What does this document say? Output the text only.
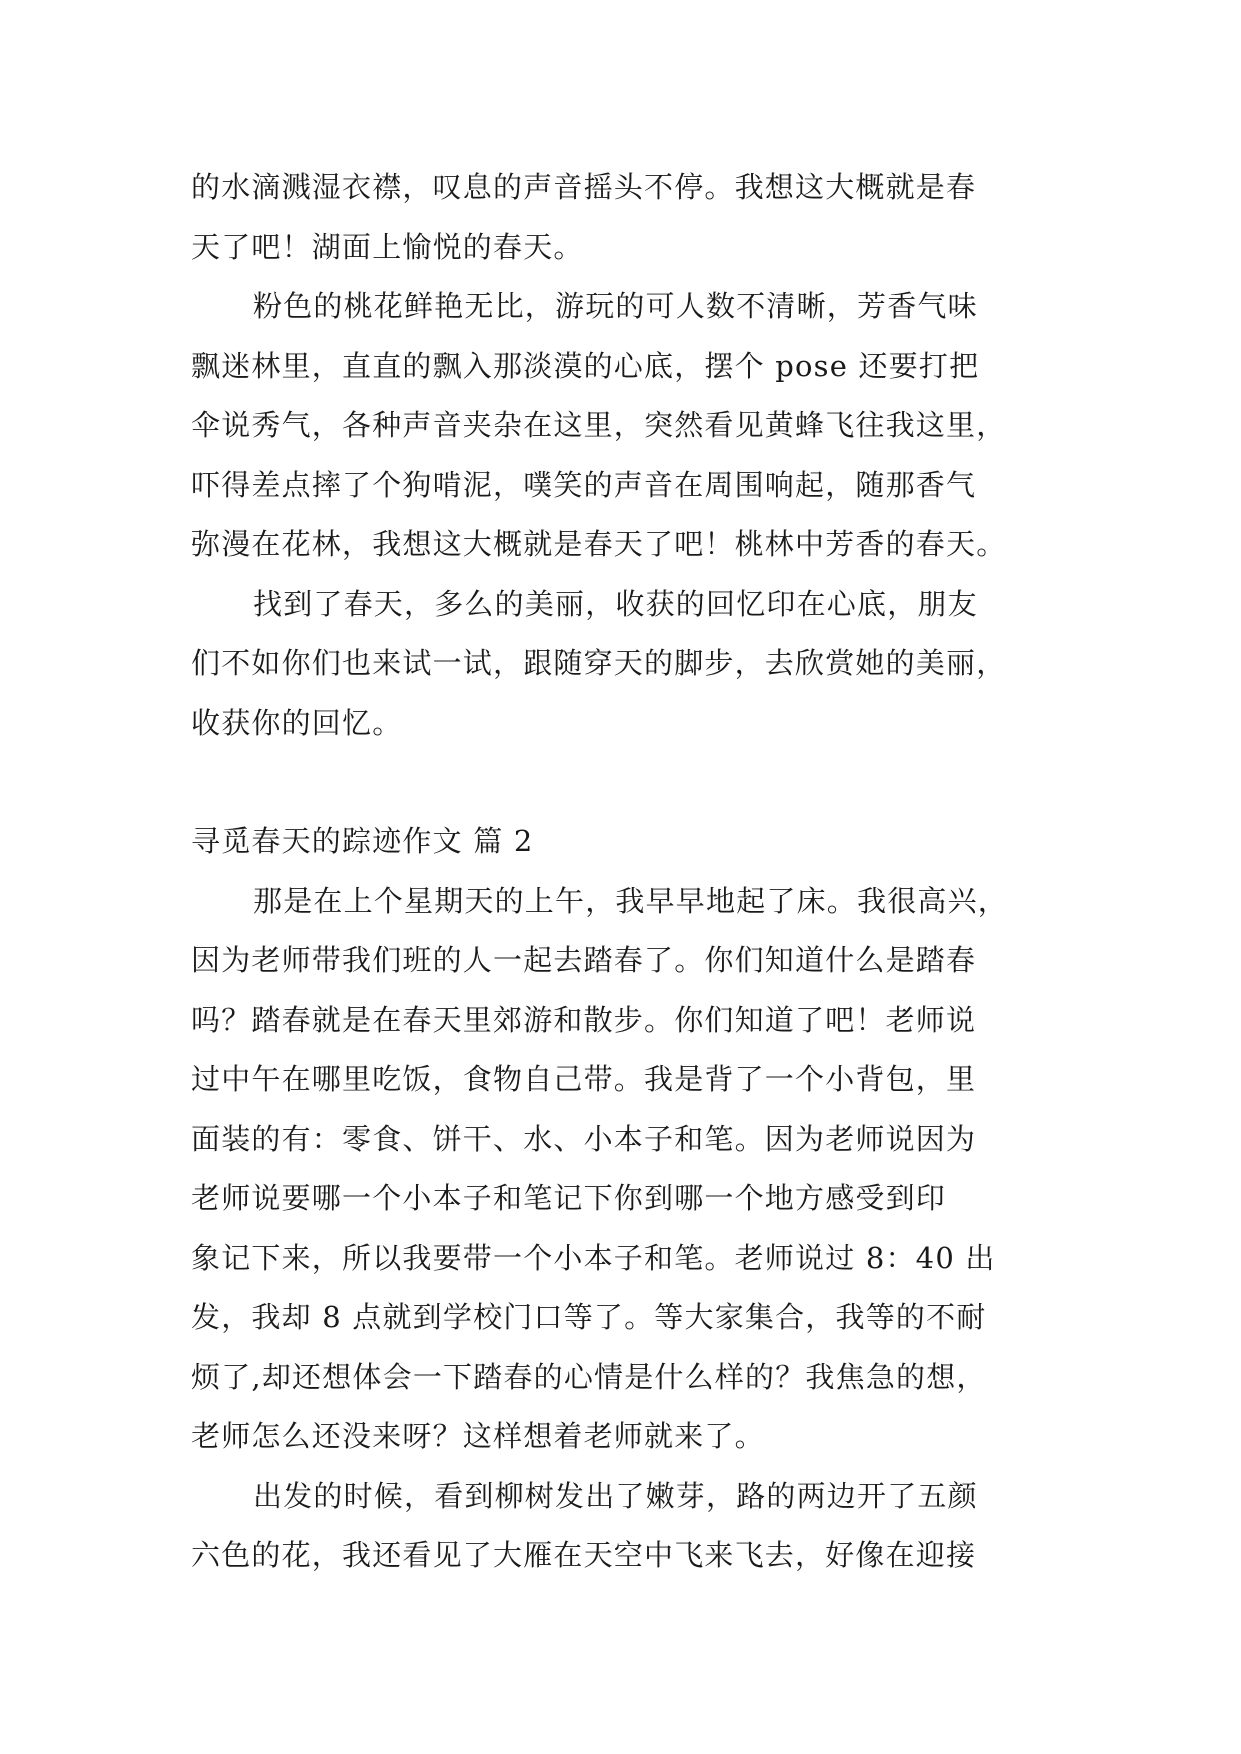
的水滴溅湿衣襟，叹息的声音摇头不停。我想这大概就是春
天了吧！湖面上愉悦的春天。

粉色的桃花鲜艳无比，游玩的可人数不清晰，芳香气味
飘迷林里，直直的飘入那淡漠的心底，摆个 pose 还要打把
伞说秀气，各种声音夹杂在这里，突然看见黄蜂飞往我这里，
吓得差点摔了个狗啃泥，噗笑的声音在周围响起，随那香气
弥漫在花林，我想这大概就是春天了吧！桃林中芳香的春天。

找到了春天，多么的美丽，收获的回忆印在心底，朋友
们不如你们也来试一试，跟随穿天的脚步，去欣赏她的美丽，
收获你的回忆。

寻觅春天的踪迹作文 篇 2

那是在上个星期天的上午，我早早地起了床。我很高兴，
因为老师带我们班的人一起去踏春了。你们知道什么是踏春
吗？踏春就是在春天里郊游和散步。你们知道了吧！老师说
过中午在哪里吃饭，食物自己带。我是背了一个小背包，里
面装的有：零食、饼干、水、小本子和笔。因为老师说因为
老师说要哪一个小本子和笔记下你到哪一个地方感受到印
象记下来，所以我要带一个小本子和笔。老师说过 8：40 出
发，我却 8 点就到学校门口等了。等大家集合，我等的不耐
烦了,却还想体会一下踏春的心情是什么样的？我焦急的想，
老师怎么还没来呀？这样想着老师就来了。

出发的时候，看到柳树发出了嫩芽，路的两边开了五颜
六色的花，我还看见了大雁在天空中飞来飞去，好像在迎接
